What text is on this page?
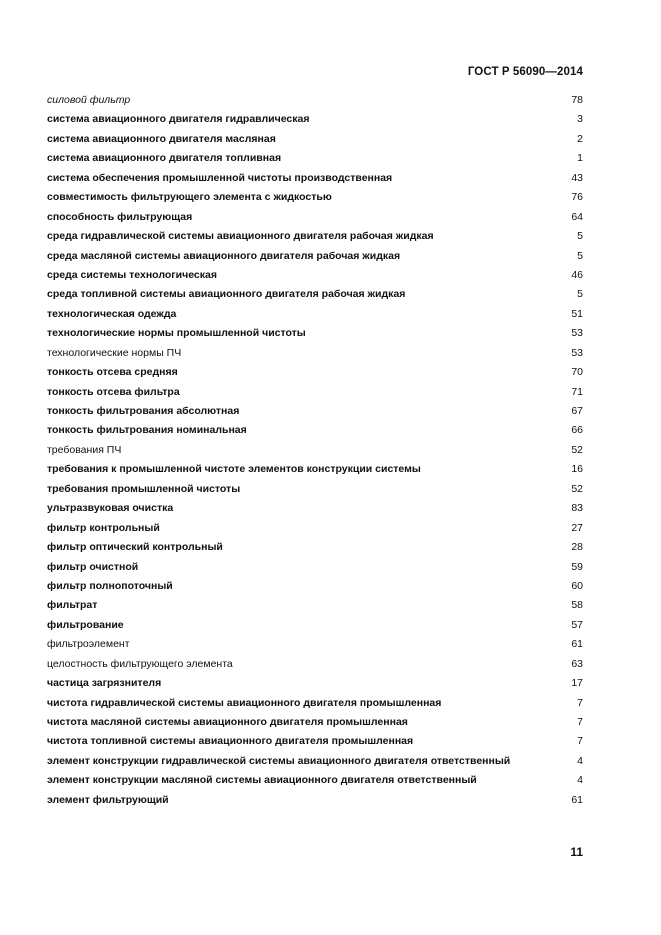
ГОСТ Р 56090—2014
силовой фильтр	78
система авиационного двигателя гидравлическая	3
система авиационного двигателя масляная	2
система авиационного двигателя топливная	1
система обеспечения промышленной чистоты производственная	43
совместимость фильтрующего элемента с жидкостью	76
способность фильтрующая	64
среда гидравлической системы авиационного двигателя рабочая жидкая	5
среда масляной системы авиационного двигателя рабочая жидкая	5
среда системы технологическая	46
среда топливной системы авиационного двигателя рабочая жидкая	5
технологическая одежда	51
технологические нормы промышленной чистоты	53
технологические нормы ПЧ	53
тонкость отсева средняя	70
тонкость отсева фильтра	71
тонкость фильтрования абсолютная	67
тонкость фильтрования номинальная	66
требования ПЧ	52
требования к промышленной чистоте элементов конструкции системы	16
требования промышленной чистоты	52
ультразвуковая очистка	83
фильтр контрольный	27
фильтр оптический контрольный	28
фильтр очистной	59
фильтр полнопоточный	60
фильтрат	58
фильтрование	57
фильтроэлемент	61
целостность фильтрующего элемента	63
частица загрязнителя	17
чистота гидравлической системы авиационного двигателя промышленная	7
чистота масляной системы авиационного двигателя промышленная	7
чистота топливной системы авиационного двигателя промышленная	7
элемент конструкции гидравлической системы авиационного двигателя ответственный	4
элемент конструкции масляной системы авиационного двигателя ответственный	4
элемент фильтрующий	61
11
